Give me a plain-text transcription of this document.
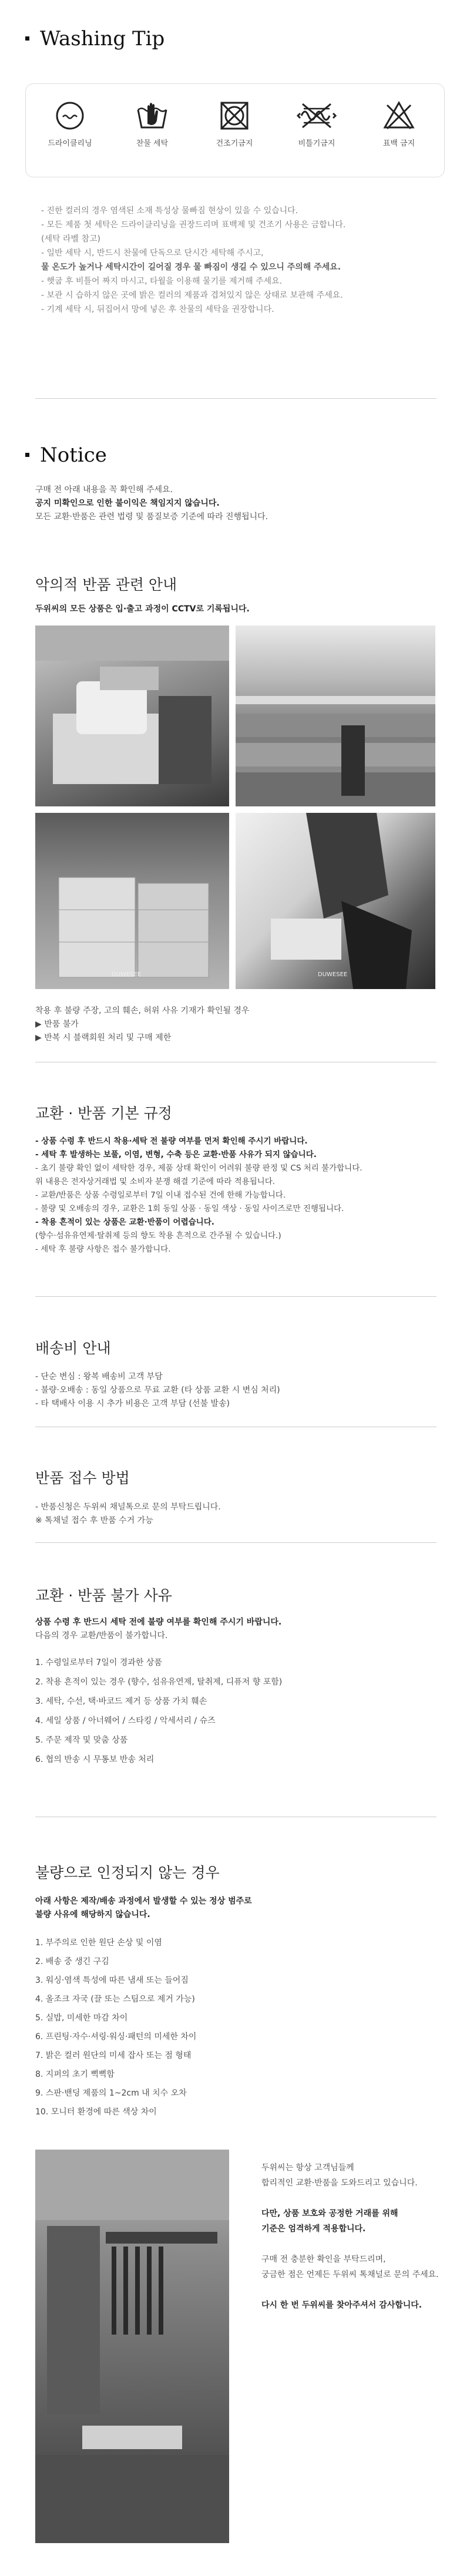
Washing Tip
드라이클리닝	찬물 세탁	건조기금지	비틀기금지	표백 금지
- 진한 컬러의 경우 염색된 소재 특성상 물빠짐 현상이 있을 수 있습니다.
- 모든 제품 첫 세탁은 드라이클리닝을 권장드리며 표백제 및 건조기 사용은 금합니다.
(세탁 라벨 참고)
- 일반 세탁 시, 반드시 찬물에 단독으로 단시간 세탁해 주시고,
물 온도가 높거나 세탁시간이 길어질 경우 물 빠짐이 생길 수 있으니 주의해 주세요.
- 햇굽 후 비틀어 짜지 마시고, 타월을 이용해 물기를 제거해 주세요.
- 보관 시 습하지 않은 곳에 밝은 컬러의 제품과 겹쳐있지 않은 상태로 보관해 주세요.
- 기계 세탁 시, 뒤집어서 망에 넣은 후 찬물의 세탁을 권장합니다.
Notice
구매 전 아래 내용을 꼭 확인해 주세요.
공지 미확인으로 인한 불이익은 책임지지 않습니다.
모든 교환·반품은 관련 법령 및 품질보증 기준에 따라 진행됩니다.
악의적 반품 관련 안내
두위씨의 모든 상품은 입·출고 과정이 CCTV로 기록됩니다.
DUWESEE	DUWESEE
착용 후 불량 주장, 고의 훼손, 허위 사유 기재가 확인될 경우
▶ 반품 불가
▶ 반복 시 블랙회원 처리 및 구매 제한
교환 · 반품 기본 규정
- 상품 수령 후 반드시 착용·세탁 전 불량 여부를 먼저 확인해 주시기 바랍니다.
- 세탁 후 발생하는 보풀, 이염, 변형, 수축 등은 교환·반품 사유가 되지 않습니다.
- 초기 불량 확인 없이 세탁한 경우, 제품 상태 확인이 어려워 불량 판정 및 CS 처리 불가합니다.
위 내용은 전자상거래법 및 소비자 분쟁 해결 기준에 따라 적용됩니다.
- 교환/반품은 상품 수령일로부터 7일 이내 접수된 건에 한해 가능합니다.
- 불량 및 오배송의 경우, 교환은 1회 동일 상품 · 동일 색상 · 동일 사이즈로만 진행됩니다.
- 착용 흔적이 있는 상품은 교환·반품이 어렵습니다.
(향수·섬유유연제·탈취제 등의 향도 착용 흔적으로 간주될 수 있습니다.)
- 세탁 후 불량 사항은 접수 불가합니다.
배송비 안내
- 단순 변심 : 왕복 배송비 고객 부담
- 불량·오배송 : 동일 상품으로 무료 교환 (타 상품 교환 시 변심 처리)
- 타 택배사 이용 시 추가 비용은 고객 부담 (선불 발송)
반품 접수 방법
- 반품신청은 두위씨 채널톡으로 문의 부탁드립니다.
※ 톡채널 접수 후 반품 수거 가능
교환 · 반품 불가 사유
상품 수령 후 반드시 세탁 전에 불량 여부를 확인해 주시기 바랍니다.
다음의 경우 교환/반품이 불가합니다.
1. 수령일로부터 7일이 경과한 상품
2. 착용 흔적이 있는 경우 (향수, 섬유유연제, 탈취제, 디퓨저 향 포함)
3. 세탁, 수선, 택·바코드 제거 등 상품 가치 훼손
4. 세일 상품 / 아너웨어 / 스타킹 / 악세서리 / 슈즈
5. 주문 제작 및 맞춤 상품
6. 협의 반송 시 무통보 반송 처리
불량으로 인정되지 않는 경우
아래 사항은 제작/배송 과정에서 발생할 수 있는 정상 범주로
불량 사유에 해당하지 않습니다.
1. 부주의로 인한 원단 손상 및 이염
2. 배송 중 생긴 구김
3. 워싱·염색 특성에 따른 냄새 또는 들어짐
4. 올조크 자국 (끌 또는 스팀으로 제거 가능)
5. 실밥, 미세한 마감 차이
6. 프린팅·자수·셔링·워싱·패턴의 미세한 차이
7. 밝은 컬러 원단의 미세 잡사 또는 점 형태
8. 지퍼의 초기 뻑뻑함
9. 스판·밴딩 제품의 1~2cm 내 치수 오차
10. 모니터 환경에 따른 색상 차이
두위씨는 항상 고객님들께
합리적인 교환·반품을 도와드리고 있습니다.
다만, 상품 보호와 공정한 거래를 위해
기준은 엄격하게 적용합니다.
구매 전 충분한 확인을 부탁드리며,
궁금한 점은 언제든 두위씨 톡채널로 문의 주세요.
다시 한 번 두위씨를 찾아주셔서 감사합니다.
